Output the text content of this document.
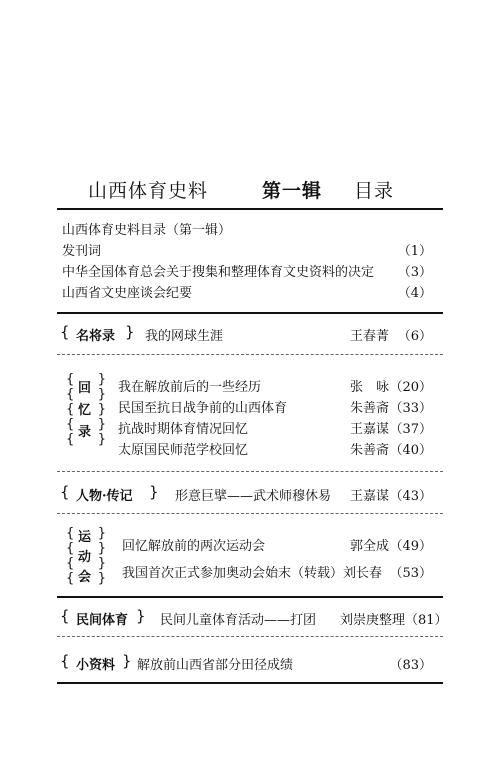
山西体育史料	第一辑 目录
山西体育史料目录（第一辑）
发刊词	（1）
中华全国体育总会关于搜集和整理体育文史资料的决定	（3）
山西省文史座谈会纪要	（4）
{ 名将录 } 我的网球生涯	王春菁 （6）
{
{
{
{
{
回
忆
录
}
}
}
}
}
我在解放前后的一些经历	张　咏 （20）
民国至抗日战争前的山西体育	朱善斋 （33）
抗战时期体育情况回忆	王嘉谋 （37）
太原国民师范学校回忆	朱善斋 （40）
{ 人物·传记 } 形意巨擘——武术师穆休易 王嘉谋 （43）
{
{
{
{
运
动
会
}
}
}
}
回忆解放前的两次运动会	郭全成 （49）
我国首次正式参加奥动会始末（转载）刘长春 （53）
{ 民间体育 } 民间儿童体育活动——打团 刘崇庚整理 （81）
{ 小资料 } 解放前山西省部分田径成绩	（83）
